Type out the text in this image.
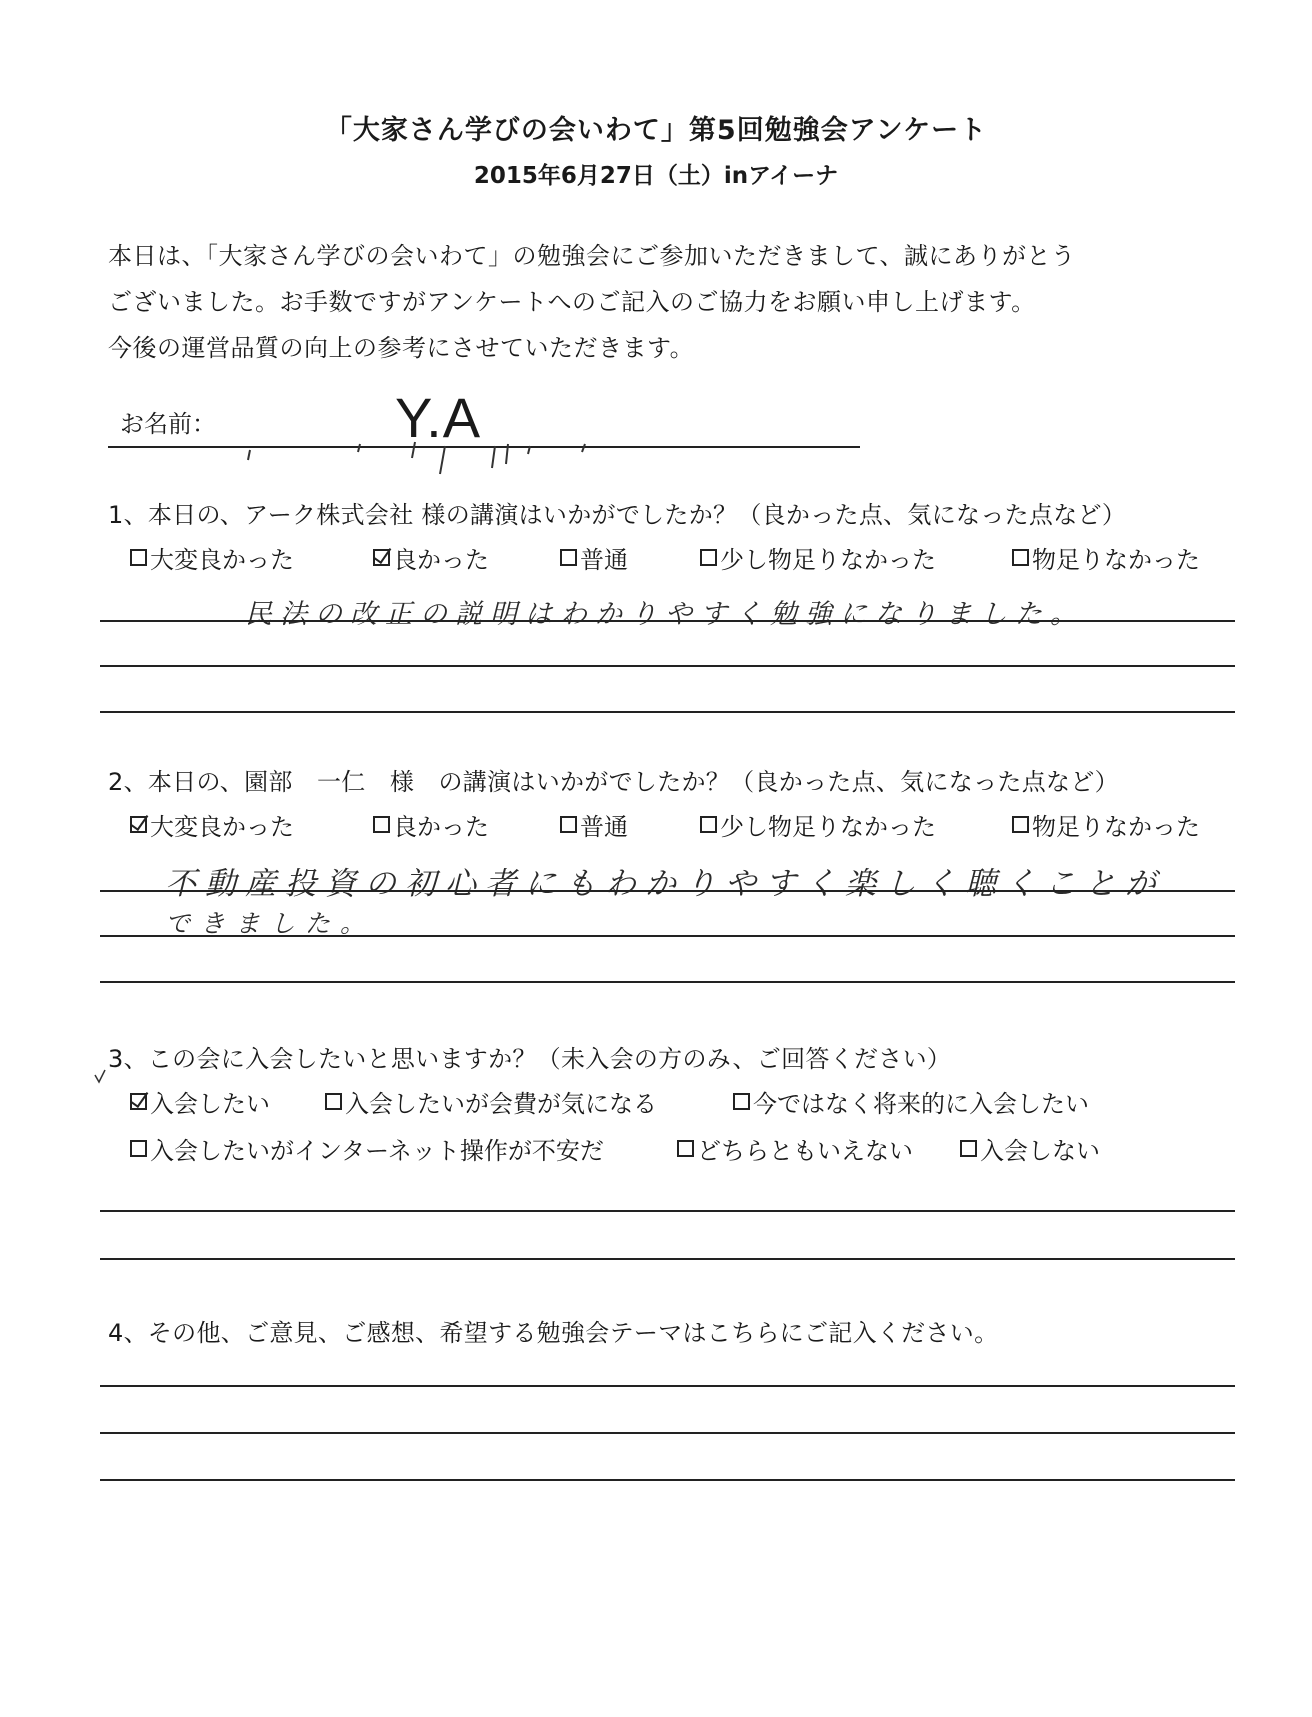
「大家さん学びの会いわて」第5回勉強会アンケート
2015年6月27日（土）inアイーナ
本日は、「大家さん学びの会いわて」の勉強会にご参加いただきまして、誠にありがとう
ございました。お手数ですがアンケートへのご記入のご協力をお願い申し上げます。
今後の運営品質の向上の参考にさせていただきます。
お名前：	Y.A
1、本日の、アーク株式会社 様の講演はいかがでしたか？（良かった点、気になった点など）
大変良かった	良かった	普通	少し物足りなかった	物足りなかった
民法の改正の説明はわかりやすく勉強になりました。
2、本日の、園部　一仁　様　の講演はいかがでしたか？（良かった点、気になった点など）
大変良かった	良かった	普通	少し物足りなかった	物足りなかった
不動産投資の初心者にもわかりやすく楽しく聴くことが
できました。
3、この会に入会したいと思いますか？（未入会の方のみ、ご回答ください）
入会したい	入会したいが会費が気になる	今ではなく将来的に入会したい
入会したいがインターネット操作が不安だ	どちらともいえない	入会しない
4、その他、ご意見、ご感想、希望する勉強会テーマはこちらにご記入ください。
